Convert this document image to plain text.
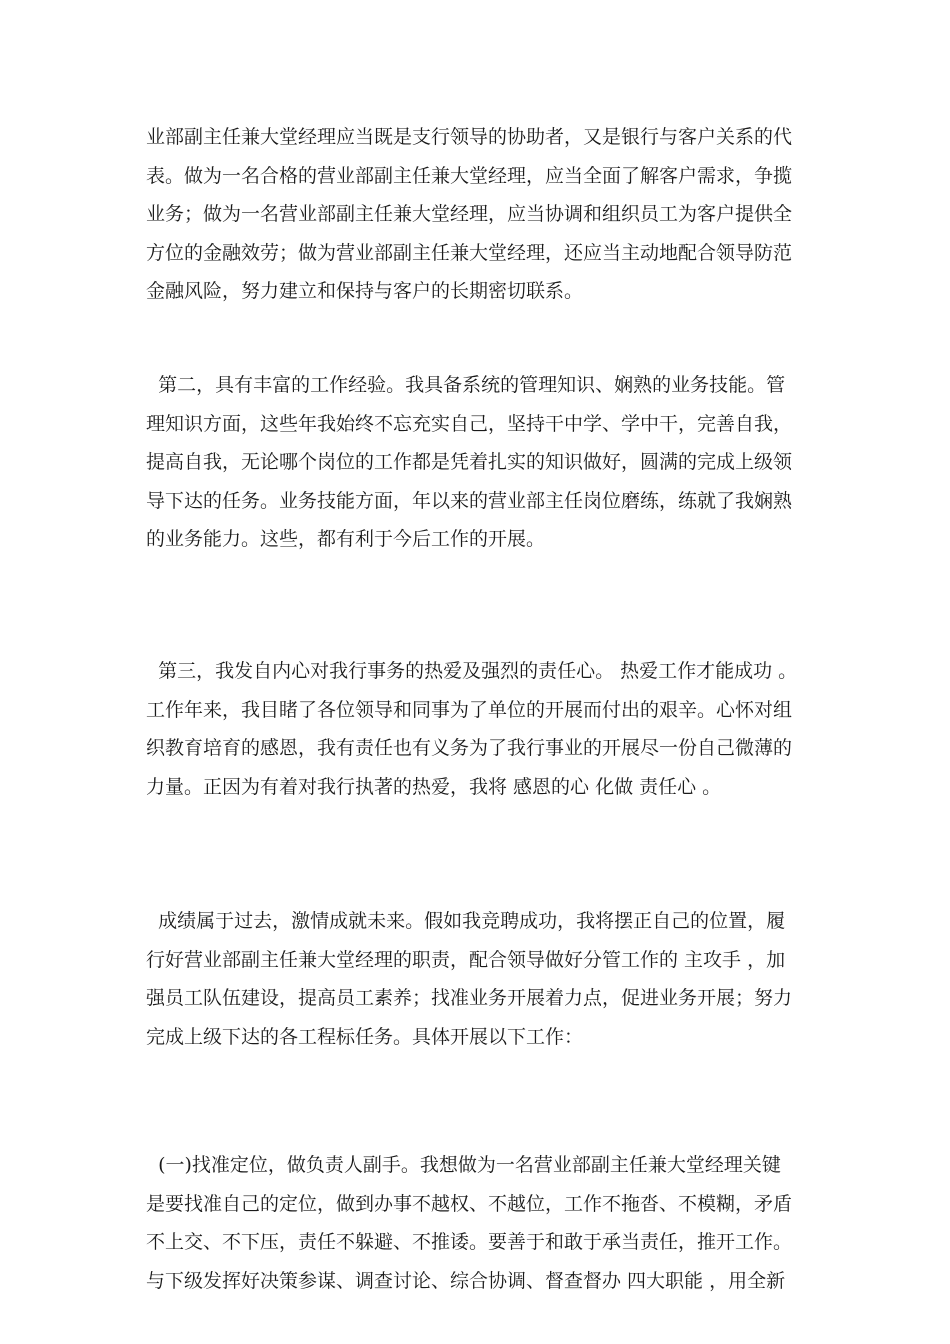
业部副主任兼大堂经理应当既是支行领导的协助者，又是银行与客户关系的代
表。做为一名合格的营业部副主任兼大堂经理，应当全面了解客户需求，争揽
业务；做为一名营业部副主任兼大堂经理，应当协调和组织员工为客户提供全
方位的金融效劳；做为营业部副主任兼大堂经理，还应当主动地配合领导防范
金融风险，努力建立和保持与客户的长期密切联系。
第二，具有丰富的工作经验。我具备系统的管理知识、娴熟的业务技能。管
理知识方面，这些年我始终不忘充实自己，坚持干中学、学中干，完善自我，
提高自我，无论哪个岗位的工作都是凭着扎实的知识做好，圆满的完成上级领
导下达的任务。业务技能方面，年以来的营业部主任岗位磨练，练就了我娴熟
的业务能力。这些，都有利于今后工作的开展。
第三，我发自内心对我行事务的热爱及强烈的责任心。 热爱工作才能成功 。
工作年来，我目睹了各位领导和同事为了单位的开展而付出的艰辛。心怀对组
织教育培育的感恩，我有责任也有义务为了我行事业的开展尽一份自己微薄的
力量。正因为有着对我行执著的热爱，我将 感恩的心 化做 责任心 。
成绩属于过去，激情成就未来。假如我竞聘成功，我将摆正自己的位置，履
行好营业部副主任兼大堂经理的职责，配合领导做好分管工作的 主攻手 ，加
强员工队伍建设，提高员工素养；找准业务开展着力点，促进业务开展；努力
完成上级下达的各工程标任务。具体开展以下工作：
(一)找准定位，做负责人副手。我想做为一名营业部副主任兼大堂经理关键
是要找准自己的定位，做到办事不越权、不越位，工作不拖沓、不模糊，矛盾
不上交、不下压，责任不躲避、不推诿。要善于和敢于承当责任，推开工作。
与下级发挥好决策参谋、调查讨论、综合协调、督查督办 四大职能 ，用全新
